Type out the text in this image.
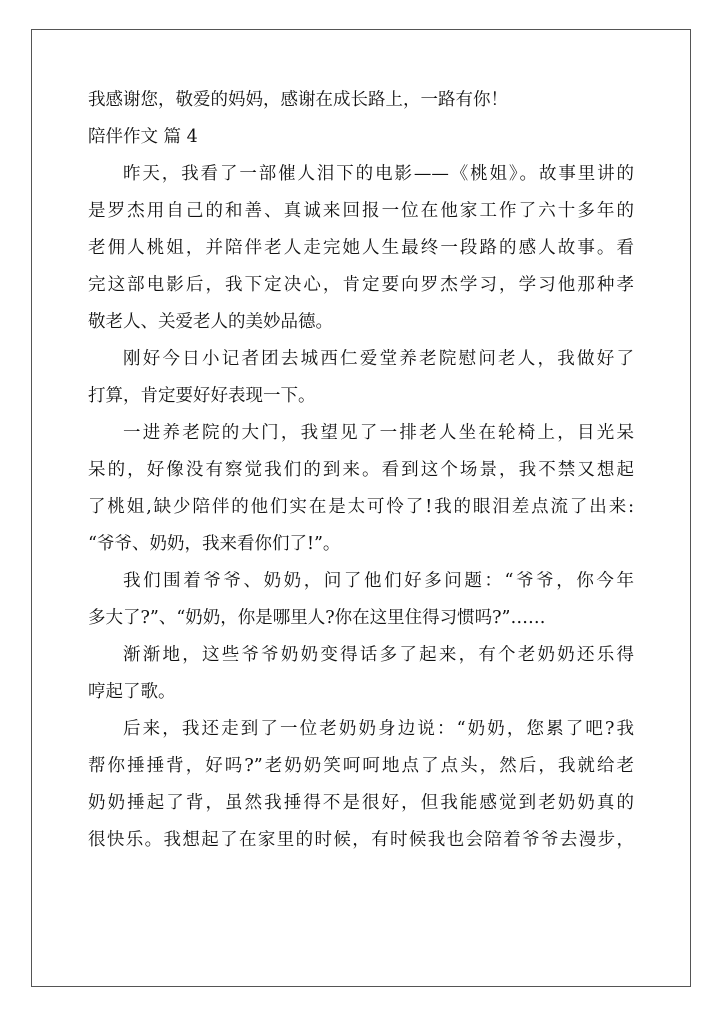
我感谢您，敬爱的妈妈，感谢在成长路上，一路有你！
陪伴作文 篇 4
昨天，我看了一部催人泪下的电影——《桃姐》。故事里讲的
是罗杰用自己的和善、真诚来回报一位在他家工作了六十多年的
老佣人桃姐，并陪伴老人走完她人生最终一段路的感人故事。看
完这部电影后，我下定决心，肯定要向罗杰学习，学习他那种孝
敬老人、关爱老人的美妙品德。
刚好今日小记者团去城西仁爱堂养老院慰问老人，我做好了
打算，肯定要好好表现一下。
一进养老院的大门，我望见了一排老人坐在轮椅上，目光呆
呆的，好像没有察觉我们的到来。看到这个场景，我不禁又想起
了桃姐,缺少陪伴的他们实在是太可怜了!我的眼泪差点流了出来:
“爷爷、奶奶，我来看你们了!”。
我们围着爷爷、奶奶，问了他们好多问题：“爷爷，你今年
多大了?”、“奶奶，你是哪里人?你在这里住得习惯吗?”……
渐渐地，这些爷爷奶奶变得话多了起来，有个老奶奶还乐得
哼起了歌。
后来，我还走到了一位老奶奶身边说：“奶奶，您累了吧?我
帮你捶捶背，好吗?”老奶奶笑呵呵地点了点头，然后，我就给老
奶奶捶起了背，虽然我捶得不是很好，但我能感觉到老奶奶真的
很快乐。我想起了在家里的时候，有时候我也会陪着爷爷去漫步，
